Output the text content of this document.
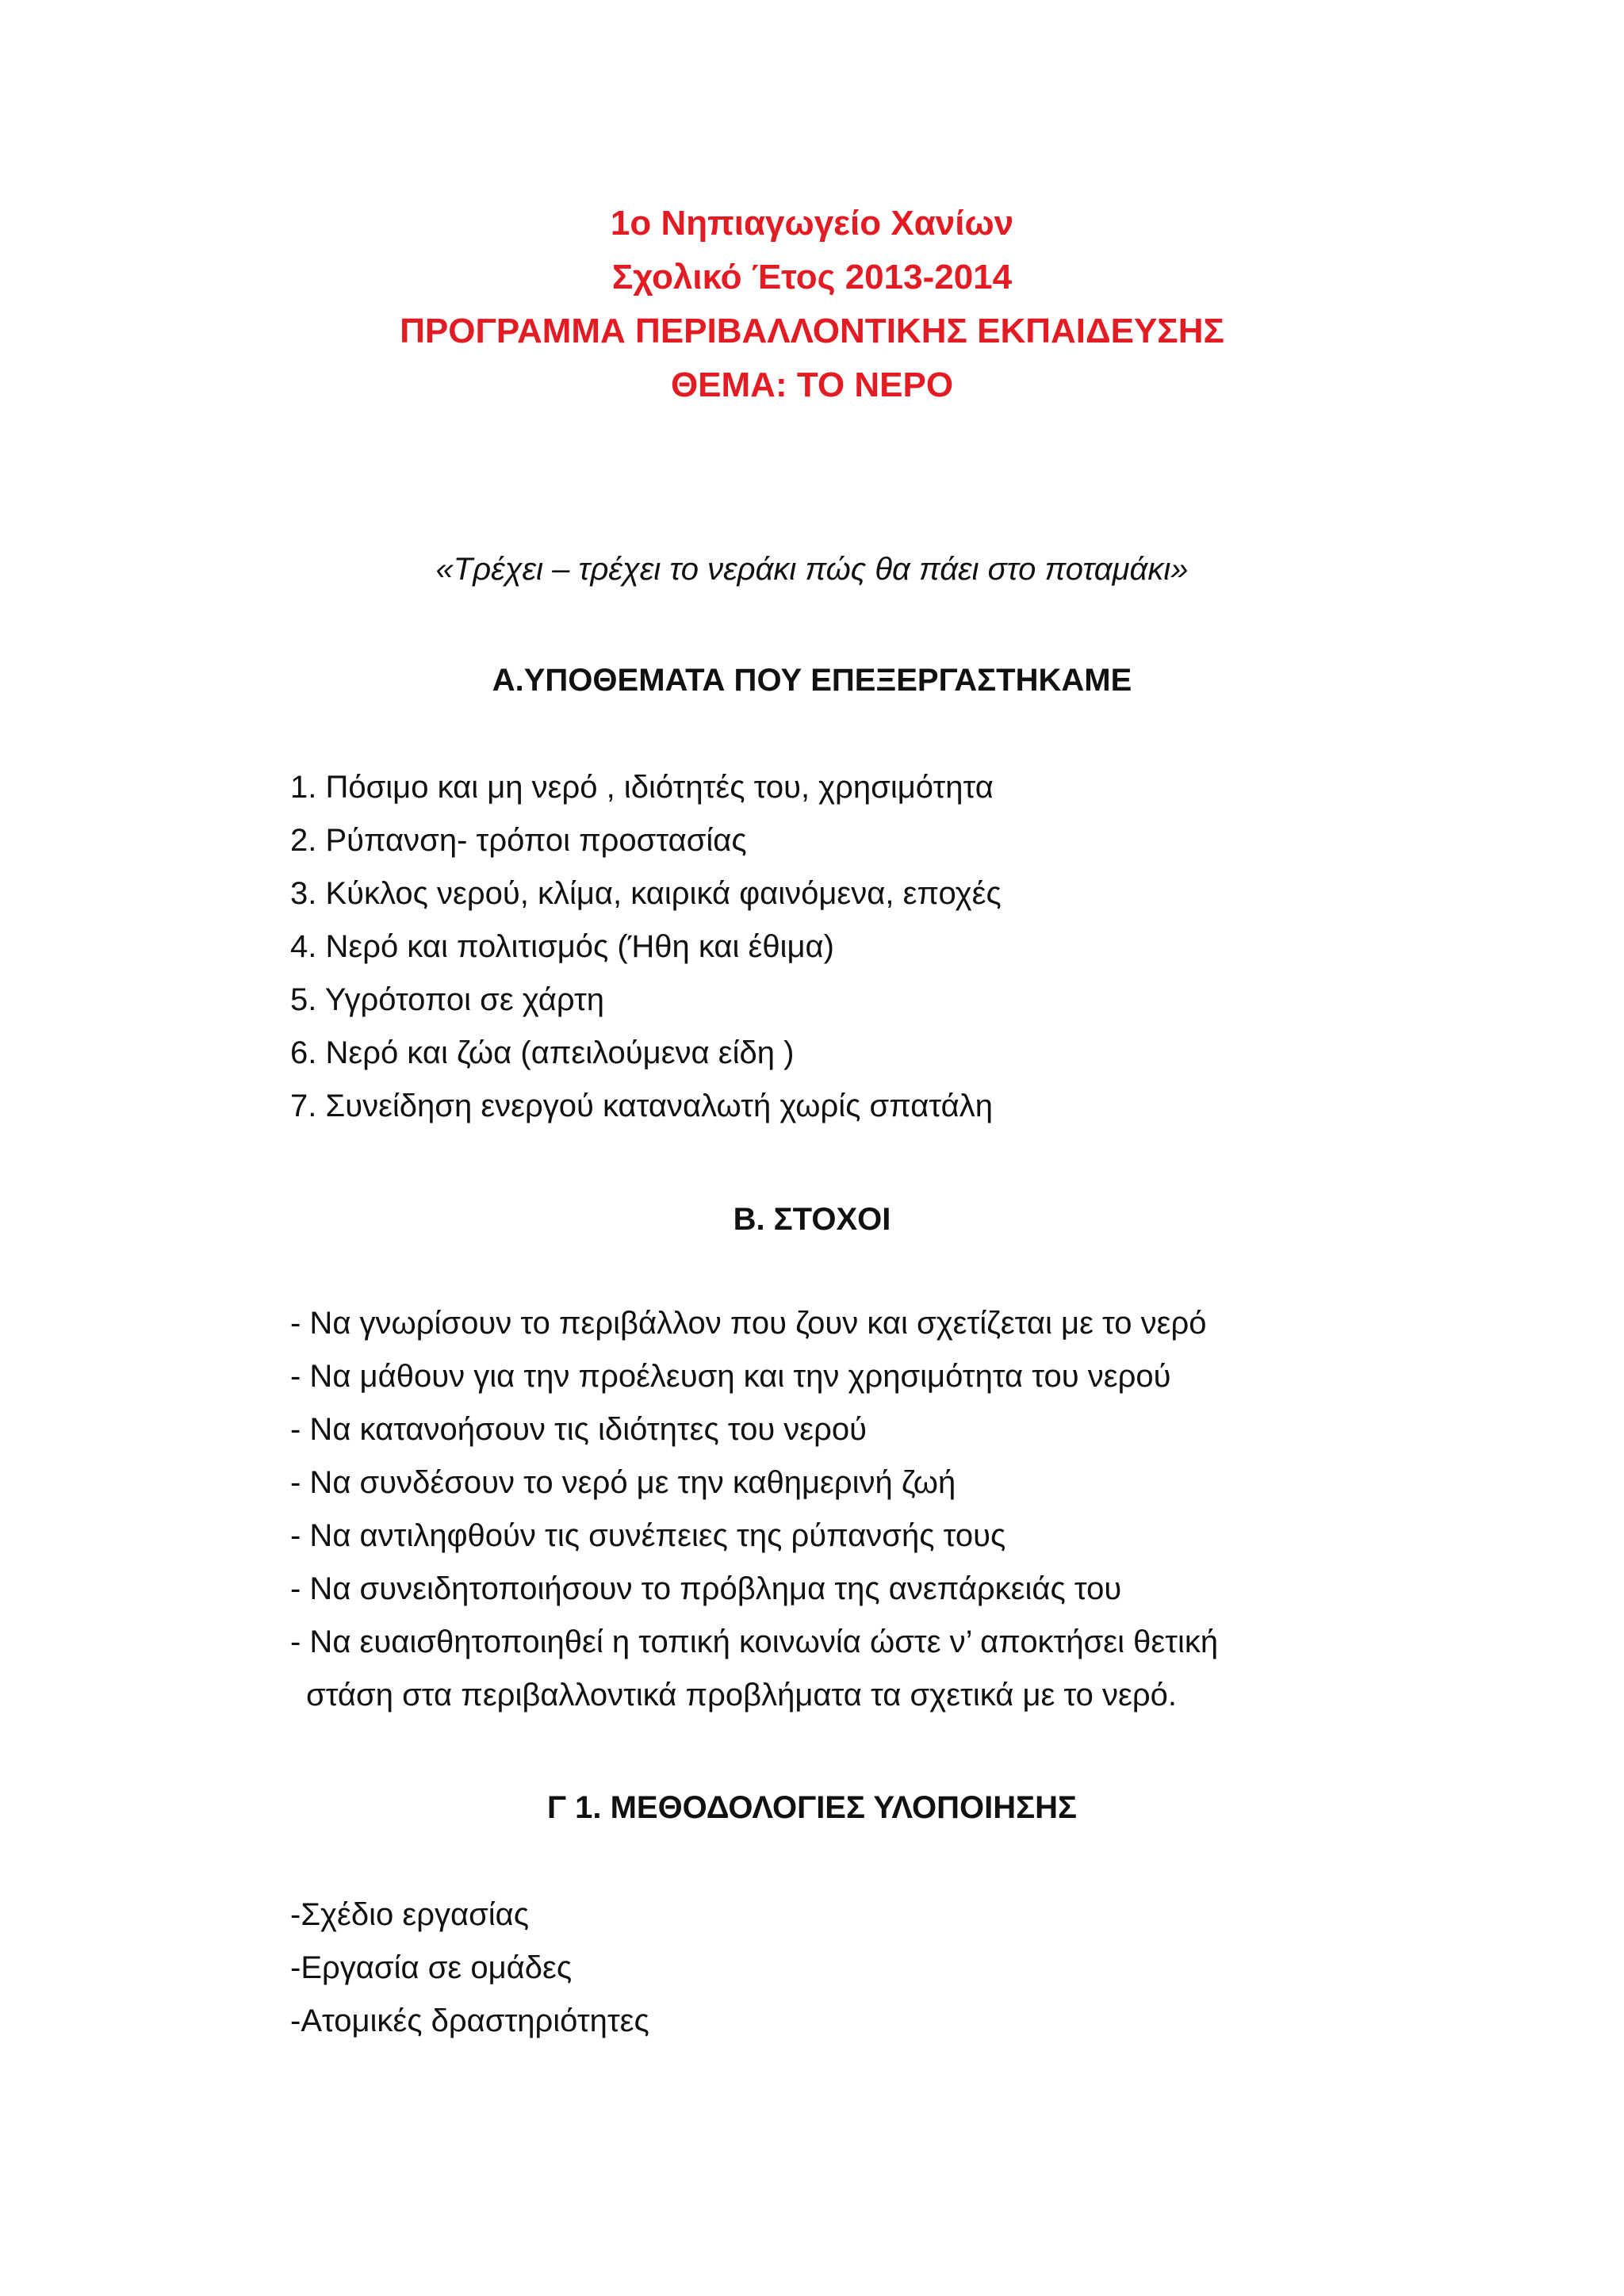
1ο Νηπιαγωγείο Χανίων
Σχολικό Έτος 2013-2014
ΠΡΟΓΡΑΜΜΑ ΠΕΡΙΒΑΛΛΟΝΤΙΚΗΣ ΕΚΠΑΙΔΕΥΣΗΣ
ΘΕΜΑ: ΤΟ ΝΕΡΟ
«Τρέχει – τρέχει το νεράκι πώς θα πάει στο ποταμάκι»
Α.ΥΠΟΘΕΜΑΤΑ ΠΟΥ ΕΠΕΞΕΡΓΑΣΤΗΚΑΜΕ
1. Πόσιμο και μη νερό , ιδιότητές του, χρησιμότητα
2. Ρύπανση- τρόποι προστασίας
3. Κύκλος νερού, κλίμα, καιρικά φαινόμενα, εποχές
4. Νερό και πολιτισμός (Ήθη και έθιμα)
5. Υγρότοποι σε χάρτη
6. Νερό και ζώα (απειλούμενα είδη )
7. Συνείδηση ενεργού καταναλωτή χωρίς σπατάλη
Β. ΣΤΟΧΟΙ
- Να γνωρίσουν το περιβάλλον που ζουν και σχετίζεται με το νερό
- Να μάθουν για την προέλευση και την χρησιμότητα του νερού
- Να κατανοήσουν τις ιδιότητες του νερού
- Να συνδέσουν το νερό με την καθημερινή ζωή
- Να αντιληφθούν τις συνέπειες της ρύπανσής τους
- Να συνειδητοποιήσουν το πρόβλημα της ανεπάρκειάς του
- Να ευαισθητοποιηθεί η τοπική κοινωνία ώστε ν’ αποκτήσει θετική
στάση στα περιβαλλοντικά προβλήματα τα σχετικά με το νερό.
Γ 1. ΜΕΘΟΔΟΛΟΓΙΕΣ ΥΛΟΠΟΙΗΣΗΣ
-Σχέδιο εργασίας
-Εργασία σε ομάδες
-Ατομικές δραστηριότητες
